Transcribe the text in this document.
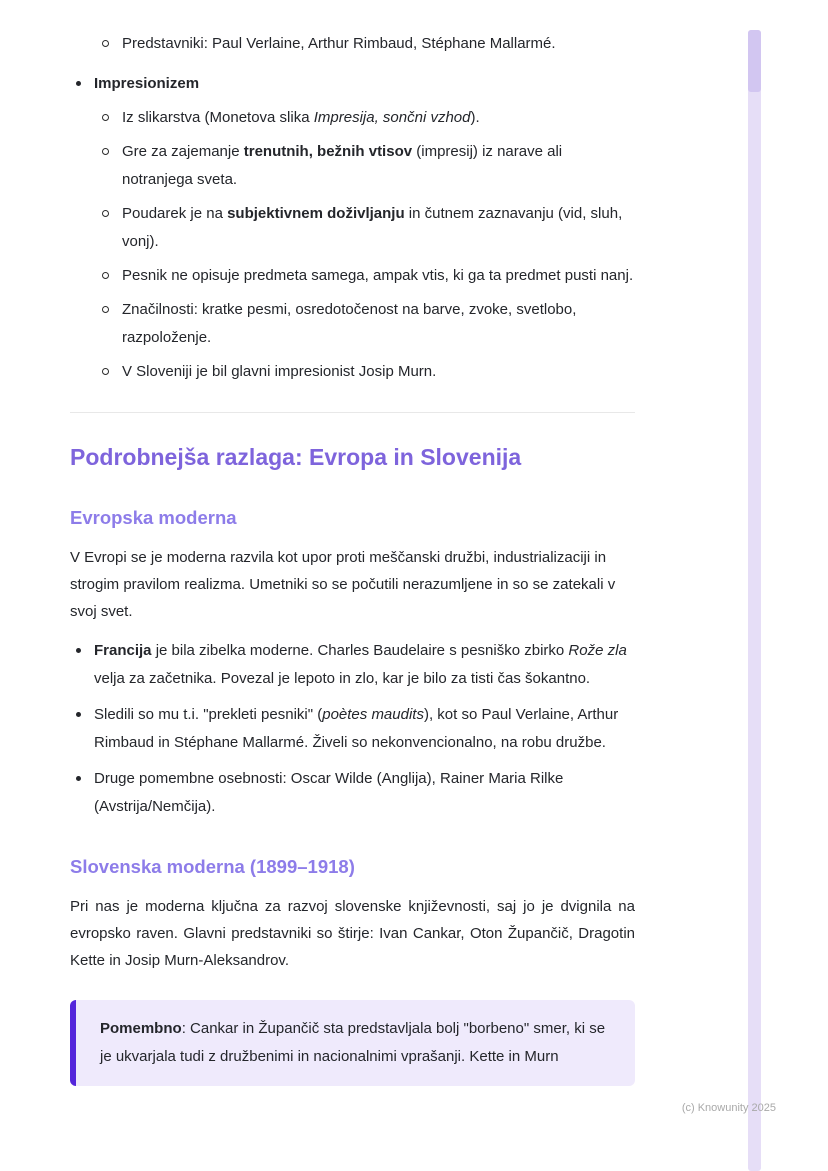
Predstavniki: Paul Verlaine, Arthur Rimbaud, Stéphane Mallarmé.
Impresionizem
Iz slikarstva (Monetova slika Impresija, sončni vzhod).
Gre za zajemanje trenutnih, bežnih vtisov (impresij) iz narave ali notranjega sveta.
Poudarek je na subjektivnem doživljanju in čutnem zaznavanju (vid, sluh, vonj).
Pesnik ne opisuje predmeta samega, ampak vtis, ki ga ta predmet pusti nanj.
Značilnosti: kratke pesmi, osredotočenost na barve, zvoke, svetlobo, razpoloženje.
V Sloveniji je bil glavni impresionist Josip Murn.
Podrobnejša razlaga: Evropa in Slovenija
Evropska moderna

V Evropi se je moderna razvila kot upor proti meščanski družbi, industrializaciji in strogim pravilom realizma. Umetniki so se počutili nerazumljene in so se zatekali v svoj svet.

Francija je bila zibelka moderne. Charles Baudelaire s pesniško zbirko Rože zla velja za začetnika. Povezal je lepoto in zlo, kar je bilo za tisti čas šokantno.
Sledili so mu t.i. "prekleti pesniki" (poètes maudits), kot so Paul Verlaine, Arthur Rimbaud in Stéphane Mallarmé. Živeli so nekonvencionalno, na robu družbe.
Druge pomembne osebnosti: Oscar Wilde (Anglija), Rainer Maria Rilke (Avstrija/Nemčija).
Slovenska moderna (1899–1918)

Pri nas je moderna ključna za razvoj slovenske književnosti, saj jo je dvignila na evropsko raven. Glavni predstavniki so štirje: Ivan Cankar, Oton Župančič, Dragotin Kette in Josip Murn-Aleksandrov.

Pomembno: Cankar in Župančič sta predstavljala bolj "borbeno" smer, ki se je ukvarjala tudi z družbenimi in nacionalnimi vprašanji. Kette in Murn

(c) Knowunity 2025
